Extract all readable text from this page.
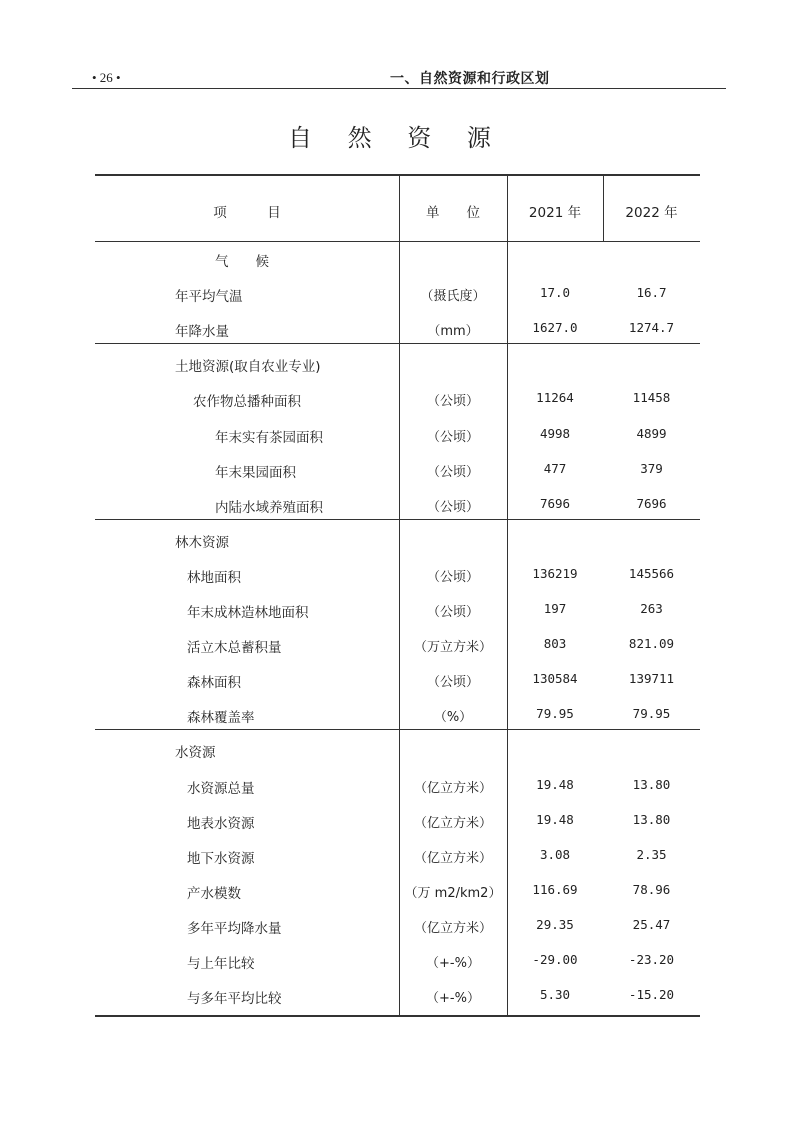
• 26 •	一、自然资源和行政区划
自 然 资 源
项　　　目	单　　位	2021 年	2022 年
气　　候
年平均气温	（摄氏度）	17.0	16.7
年降水量	（mm）	1627.0	1274.7
土地资源(取自农业专业)
农作物总播种面积	（公顷）	11264	11458
年末实有茶园面积	（公顷）	4998	4899
年末果园面积	（公顷）	477	379
内陆水域养殖面积	（公顷）	7696	7696
林木资源
林地面积	（公顷）	136219	145566
年末成林造林地面积	（公顷）	197	263
活立木总蓄积量	（万立方米）	803	821.09
森林面积	（公顷）	130584	139711
森林覆盖率	（%）	79.95	79.95
水资源
水资源总量	（亿立方米）	19.48	13.80
地表水资源	（亿立方米）	19.48	13.80
地下水资源	（亿立方米）	3.08	2.35
产水模数	（万 m2/km2）	116.69	78.96
多年平均降水量	（亿立方米）	29.35	25.47
与上年比较	（+-%）	-29.00	-23.20
与多年平均比较	（+-%）	5.30	-15.20
